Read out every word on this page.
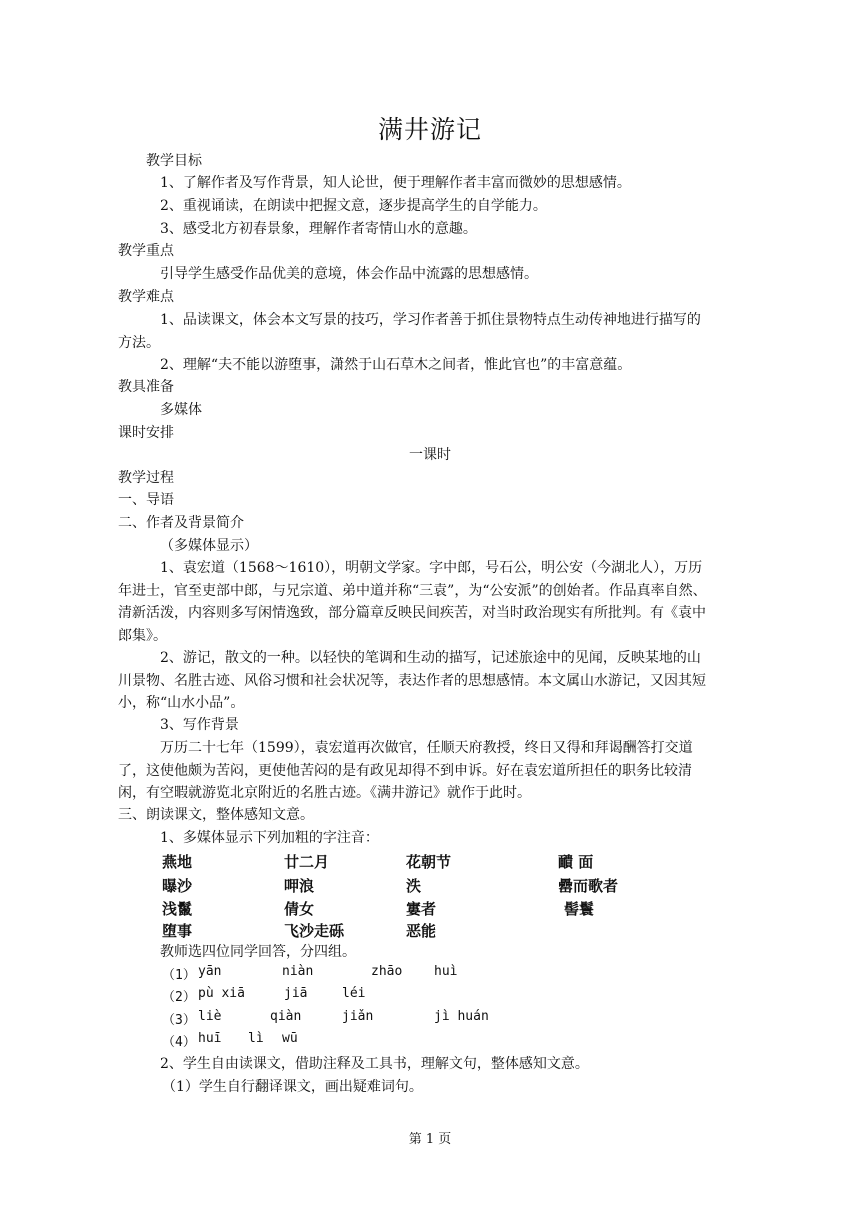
满井游记
教学目标
1、了解作者及写作背景，知人论世，便于理解作者丰富而微妙的思想感情。
2、重视诵读，在朗读中把握文意，逐步提高学生的自学能力。
3、感受北方初春景象，理解作者寄情山水的意趣。
教学重点
引导学生感受作品优美的意境，体会作品中流露的思想感情。
教学难点
1、品读课文，体会本文写景的技巧，学习作者善于抓住景物特点生动传神地进行描写的方法。
2、理解“夫不能以游堕事，潇然于山石草木之间者，惟此官也”的丰富意蕴。
教具准备
多媒体
课时安排
一课时
教学过程
一、导语
二、作者及背景简介
（多媒体显示）
1、袁宏道（1568～1610），明朝文学家。字中郎，号石公，明公安（今湖北人），万历年进士，官至吏部中郎，与兄宗道、弟中道并称“三袁”，为“公安派”的创始者。作品真率自然、清新活泼，内容则多写闲情逸致，部分篇章反映民间疾苦，对当时政治现实有所批判。有《袁中郎集》。
2、游记，散文的一种。以轻快的笔调和生动的描写，记述旅途中的见闻，反映某地的山川景物、名胜古迹、风俗习惯和社会状况等，表达作者的思想感情。本文属山水游记，又因其短小，称“山水小品”。
3、写作背景
万历二十七年（1599），袁宏道再次做官，任顺天府教授，终日又得和拜谒酬答打交道了，这使他颇为苦闷，更使他苦闷的是有政见却得不到申诉。好在袁宏道所担任的职务比较清闲，有空暇就游览北京附近的名胜古迹。《满井游记》就作于此时。
三、朗读课文，整体感知文意。
1、多媒体显示下列加粗的字注音：
燕地	廿二月	花朝节	靧 面
曝沙	呷浪	泆	罍而歌者
浅鬣	倩女	寠者	髻鬟
堕事	飞沙走砾	恶能
教师选四位同学回答，分四组。
（1） yān	niàn	zhāo huì
（2） pù xiā	jiā	léi
（3） liè	qiàn	jiǎn	jì huán
（4） huī lì wū
2、学生自由读课文，借助注释及工具书，理解文句，整体感知文意。
（1）学生自行翻译课文，画出疑难词句。
第 1 页
